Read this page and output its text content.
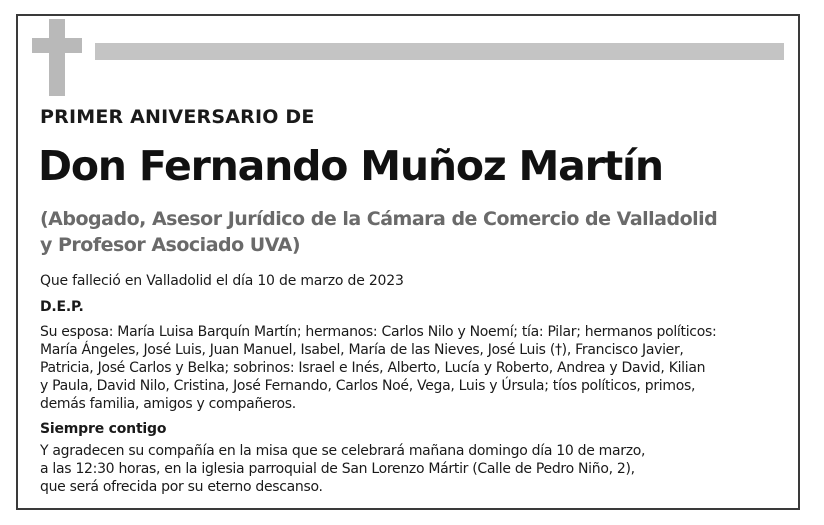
PRIMER ANIVERSARIO DE
Don Fernando Muñoz Martín
(Abogado, Asesor Jurídico de la Cámara de Comercio de Valladolid
y Profesor Asociado UVA)
Que falleció en Valladolid el día 10 de marzo de 2023
D.E.P.
Su esposa: María Luisa Barquín Martín; hermanos: Carlos Nilo y Noemí; tía: Pilar; hermanos políticos:
María Ángeles, José Luis, Juan Manuel, Isabel, María de las Nieves, José Luis (†), Francisco Javier,
Patricia, José Carlos y Belka; sobrinos: Israel e Inés, Alberto, Lucía y Roberto, Andrea y David, Kilian
y Paula, David Nilo, Cristina, José Fernando, Carlos Noé, Vega, Luis y Úrsula; tíos políticos, primos,
demás familia, amigos y compañeros.
Siempre contigo
Y agradecen su compañía en la misa que se celebrará mañana domingo día 10 de marzo,
a las 12:30 horas, en la iglesia parroquial de San Lorenzo Mártir (Calle de Pedro Niño, 2),
que será ofrecida por su eterno descanso.
